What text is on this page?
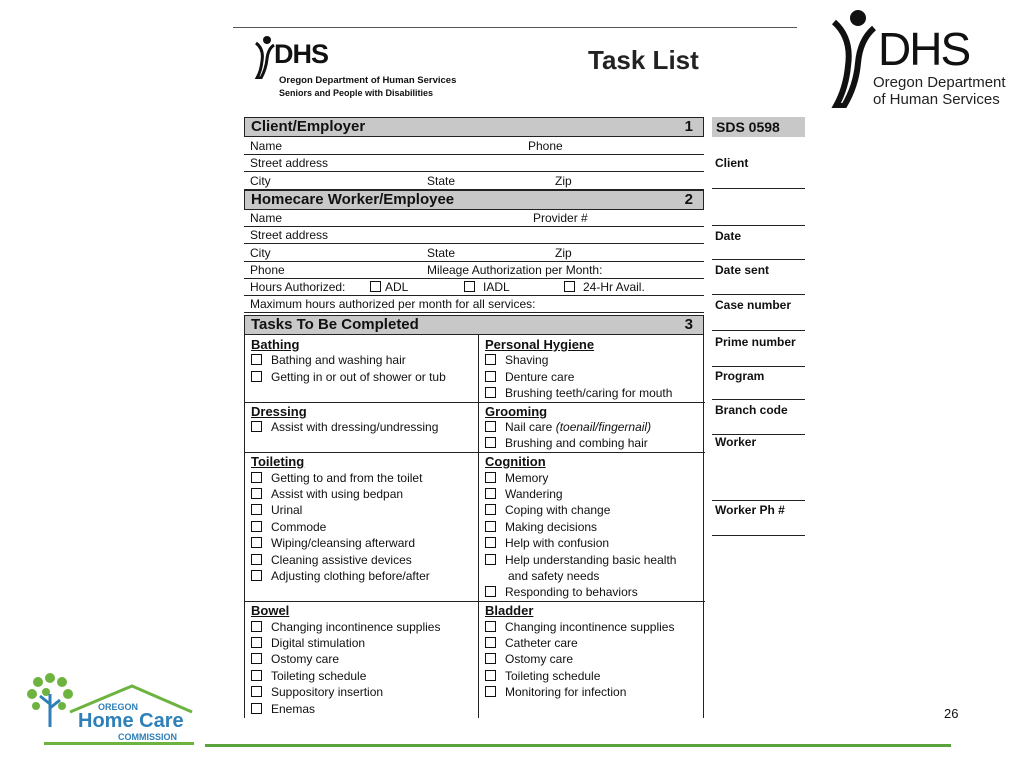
DHS
Oregon Department of Human Services
Seniors and People with Disabilities
Task List	DHS
Oregon Department
of Human Services
Client/Employer	1
Name	Phone
Street address
City	State	Zip
Homecare Worker/Employee	2
Name	Provider #
Street address
City	State	Zip
Phone	Mileage Authorization per Month:
Hours Authorized:	ADL	IADL	24-Hr Avail.
Maximum hours authorized per month for all services:
Tasks To Be Completed	3
Bathing
Bathing and washing hair
Getting in or out of shower or tub
Personal Hygiene
Shaving
Denture care
Brushing teeth/caring for mouth
Dressing
Assist with dressing/undressing
Grooming
Nail care (toenail/fingernail)
Brushing and combing hair
Toileting
Getting to and from the toilet
Assist with using bedpan
Urinal
Commode
Wiping/cleansing afterward
Cleaning assistive devices
Adjusting clothing before/after
Cognition
Memory
Wandering
Coping with change
Making decisions
Help with confusion
Help understanding basic health
and safety needs
Responding to behaviors
Bowel
Changing incontinence supplies
Digital stimulation
Ostomy care
Toileting schedule
Suppository insertion
Enemas
Bladder
Changing incontinence supplies
Catheter care
Ostomy care
Toileting schedule
Monitoring for infection
SDS 0598
Client
Date
Date sent
Case number
Prime number
Program
Branch code
Worker
Worker Ph #
OREGON
Home Care
COMMISSION
26
